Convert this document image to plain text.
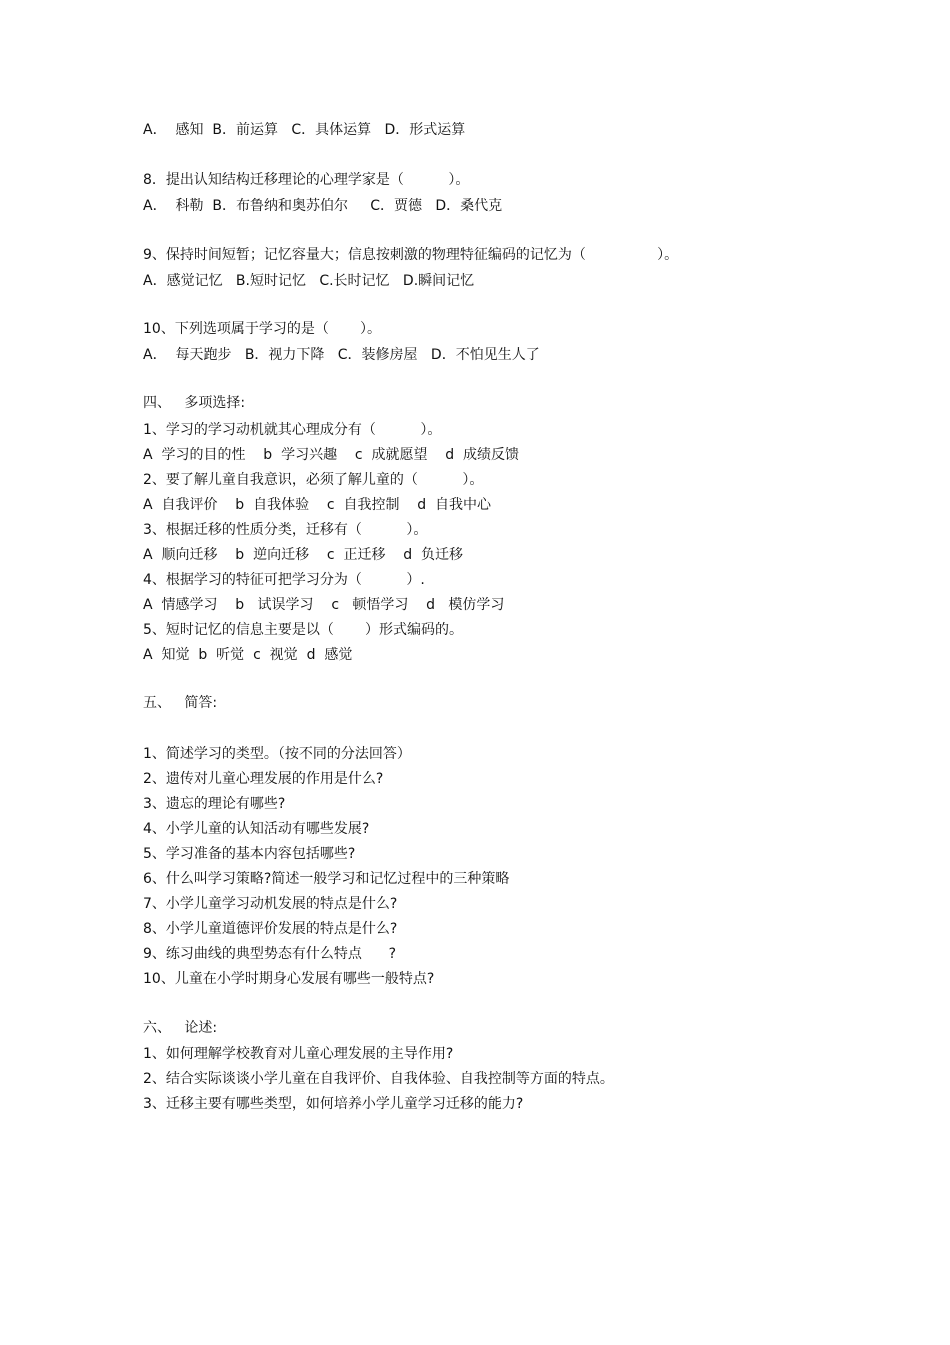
A．  感知  B．前运算   C．具体运算   D．形式运算
8．提出认知结构迁移理论的心理学家是（          ）。
A．  科勒  B．布鲁纳和奥苏伯尔     C．贾德   D．桑代克
9、保持时间短暂；记忆容量大；信息按刺激的物理特征编码的记忆为（                ）。
A．感觉记忆   B.短时记忆   C.长时记忆   D.瞬间记忆
10、下列选项属于学习的是（       ）。
A．  每天跑步   B．视力下降   C．装修房屋   D．不怕见生人了
四、   多项选择:
1、学习的学习动机就其心理成分有（          ）。
A  学习的目的性    b  学习兴趣    c  成就愿望    d  成绩反馈
2、要了解儿童自我意识，必须了解儿童的（          ）。
A  自我评价    b  自我体验    c  自我控制    d  自我中心
3、根据迁移的性质分类，迁移有（          ）。
A  顺向迁移    b  逆向迁移    c  正迁移    d  负迁移
4、根据学习的特征可把学习分为（          ）.
A  情感学习    b   试误学习    c   顿悟学习    d   模仿学习
5、短时记忆的信息主要是以（       ）形式编码的。
A  知觉  b  听觉  c  视觉  d  感觉
五、   简答:
1、简述学习的类型。（按不同的分法回答）
2、遗传对儿童心理发展的作用是什么?
3、遗忘的理论有哪些?
4、小学儿童的认知活动有哪些发展?
5、学习准备的基本内容包括哪些?
6、什么叫学习策略?简述一般学习和记忆过程中的三种策略
7、小学儿童学习动机发展的特点是什么?
8、小学儿童道德评价发展的特点是什么?
9、练习曲线的典型势态有什么特点      ?
10、儿童在小学时期身心发展有哪些一般特点?
六、   论述:
1、如何理解学校教育对儿童心理发展的主导作用?
2、结合实际谈谈小学儿童在自我评价、自我体验、自我控制等方面的特点。
3、迁移主要有哪些类型，如何培养小学儿童学习迁移的能力?
